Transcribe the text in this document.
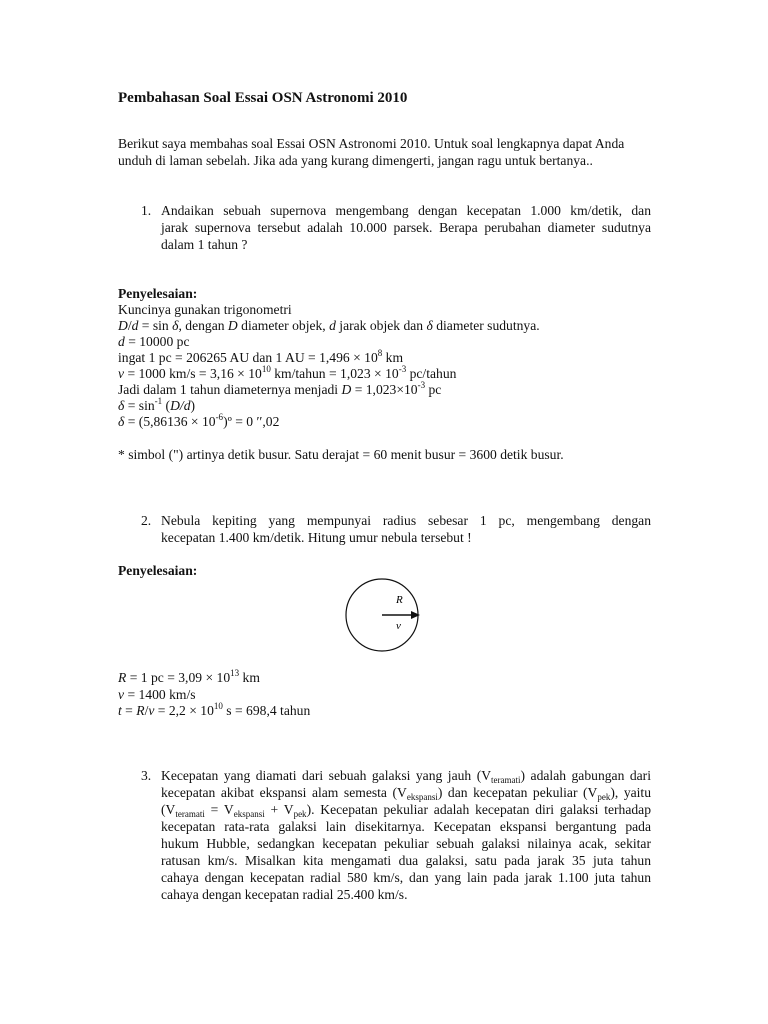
Pembahasan Soal Essai OSN Astronomi 2010
Berikut saya membahas soal Essai OSN Astronomi 2010. Untuk soal lengkapnya dapat Anda
unduh di laman sebelah. Jika ada yang kurang dimengerti, jangan ragu untuk bertanya..
1. Andaikan sebuah supernova mengembang dengan kecepatan 1.000 km/detik, dan
jarak supernova tersebut adalah 10.000 parsek. Berapa perubahan diameter sudutnya
dalam 1 tahun ?
Penyelesaian:
Kuncinya gunakan trigonometri
D/d = sin δ, dengan D diameter objek, d jarak objek dan δ diameter sudutnya.
d = 10000 pc
ingat 1 pc = 206265 AU dan 1 AU = $1,496 \times 10^8$ km
v = 1000 $km/s = 3,16 \times 10^{10}$ km/tahun = $1,023 \times 10^{-3}$ pc/tahun
Jadi dalam 1 tahun diameternya menjadi $D = 1,023\times 10^{-3}$ pc
$\delta = \sin^{-1} (D/d)$
$\delta = (5,86136 \times 10^{-6})º = 0$ ′′,02
* simbol (") artinya detik busur. Satu derajat = 60 menit busur = 3600 detik busur.
2. Nebula kepiting yang mempunyai radius sebesar 1 pc, mengembang dengan
kecepatan 1.400 km/detik. Hitung umur nebula tersebut !
Penyelesaian:
R
v
R = 1 pc = $3,09 \times 10^{13}$ km
v = 1400 km/s
$t = R/v = 2,2 \times 10^{10}$ s = 698,4 tahun
3. Kecepatan yang diamati dari sebuah galaksi yang jauh $(V_{teramati})$ adalah gabungan dari
kecepatan akibat ekspansi alam semesta $(V_{ekspansi})$ dan kecepatan pekuliar $(V_{pek})$, yaitu
$(V_{teramati} = V_{ekspansi} + V_{pek})$. Kecepatan pekuliar adalah kecepatan diri galaksi terhadap
kecepatan rata-rata galaksi lain disekitarnya. Kecepatan ekspansi bergantung pada
hukum Hubble, sedangkan kecepatan pekuliar sebuah galaksi nilainya acak, sekitar
ratusan km/s. Misalkan kita mengamati dua galaksi, satu pada jarak 35 juta tahun
cahaya dengan kecepatan radial 580 km/s, dan yang lain pada jarak 1.100 juta tahun
cahaya dengan kecepatan radial 25.400 km/s.
